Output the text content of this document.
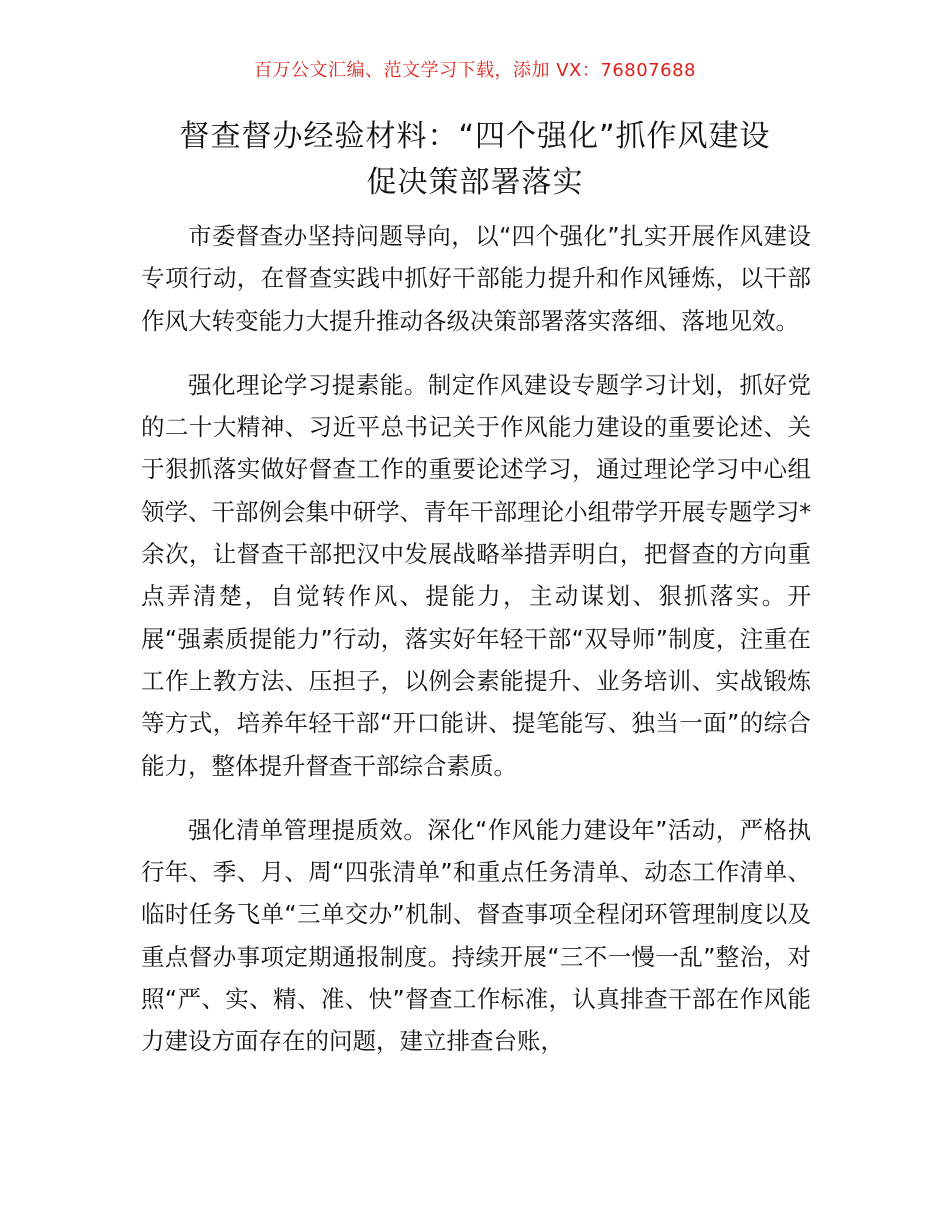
百万公文汇编、范文学习下载，添加 VX：76807688
督查督办经验材料：“四个强化”抓作风建设
促决策部署落实

市委督查办坚持问题导向，以“四个强化”扎实开展作风建设专项行动，在督查实践中抓好干部能力提升和作风锤炼，以干部作风大转变能力大提升推动各级决策部署落实落细、落地见效。

强化理论学习提素能。制定作风建设专题学习计划，抓好党的二十大精神、习近平总书记关于作风能力建设的重要论述、关于狠抓落实做好督查工作的重要论述学习，通过理论学习中心组领学、干部例会集中研学、青年干部理论小组带学开展专题学习*余次，让督查干部把汉中发展战略举措弄明白，把督查的方向重点弄清楚，自觉转作风、提能力，主动谋划、狠抓落实。开展“强素质提能力”行动，落实好年轻干部“双导师”制度，注重在工作上教方法、压担子，以例会素能提升、业务培训、实战锻炼等方式，培养年轻干部“开口能讲、提笔能写、独当一面”的综合能力，整体提升督查干部综合素质。

强化清单管理提质效。深化“作风能力建设年”活动，严格执行年、季、月、周“四张清单”和重点任务清单、动态工作清单、临时任务飞单“三单交办”机制、督查事项全程闭环管理制度以及重点督办事项定期通报制度。持续开展“三不一慢一乱”整治，对照“严、实、精、准、快”督查工作标准，认真排查干部在作风能力建设方面存在的问题，建立排查台账，
